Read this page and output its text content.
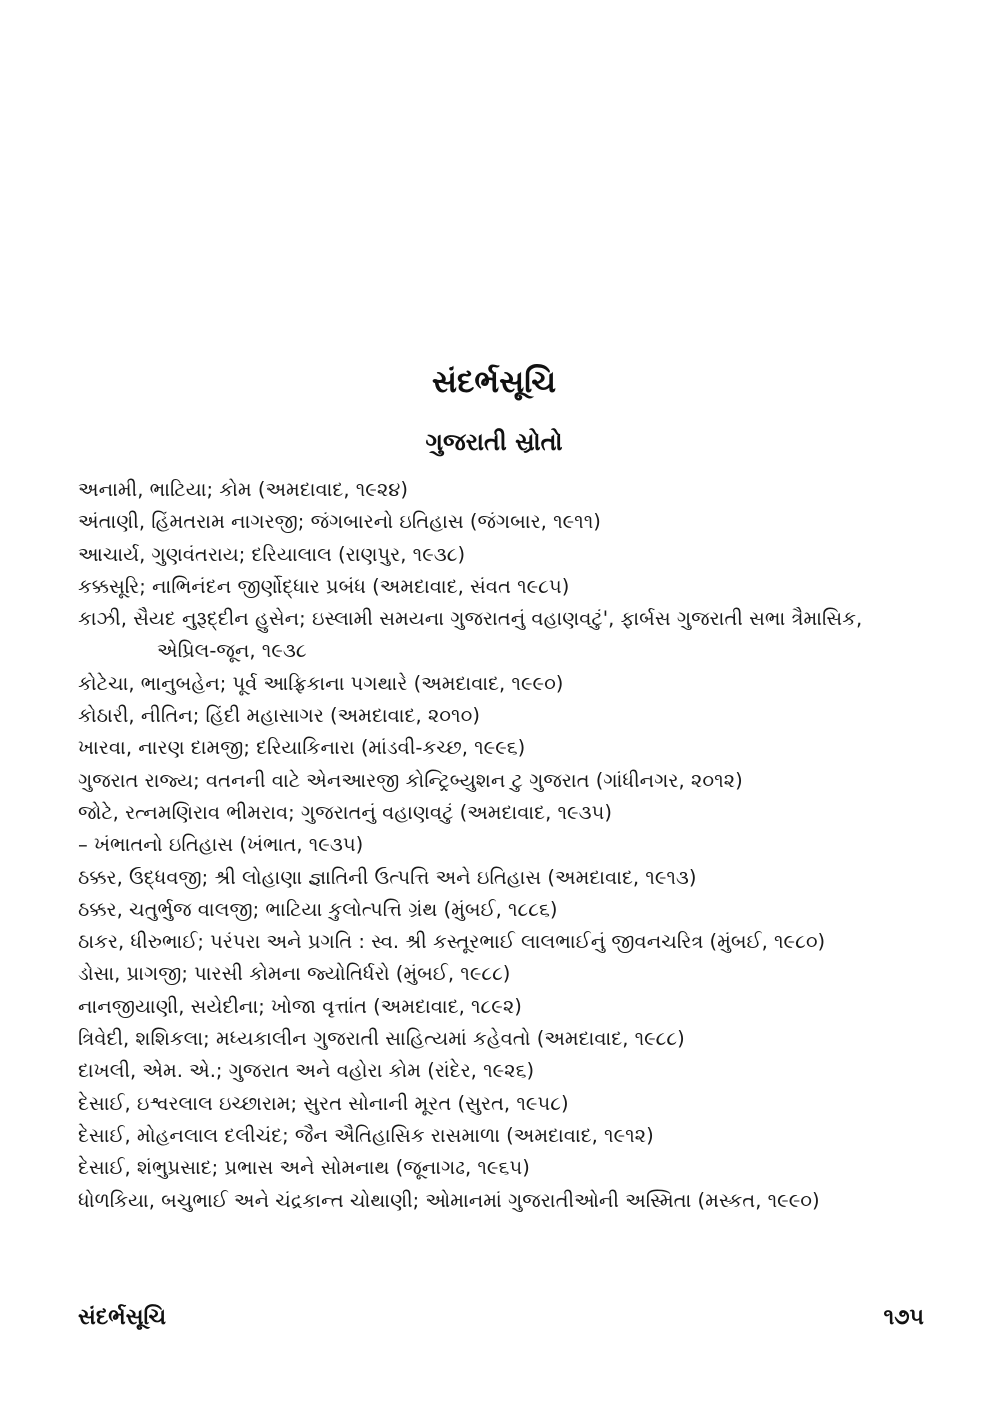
સંદર્ભસૂચિ
ગુજરાતી સ્રોતો
અનામી, ભાટિયા; કોમ (અમદાવાદ, ૧૯૨૪)
અંતાણી, હિંમતરામ નાગરજી; જંગબારનો ઇતિહાસ (જંગબાર, ૧૯૧૧)
આચાર્ય, ગુણવંતરાય; દરિયાલાલ (રાણપુર, ૧૯૩૮)
કક્કસૂરિ; નાભિનંદન જીર્ણોદ્ધાર પ્રબંધ (અમદાવાદ, સંવત ૧૯૮૫)
કાઝી, સૈયદ નુરૂદ્દીન હુસેન; ઇસ્લામી સમયના ગુજરાતનું વહાણવટું', ફાર્બસ ગુજરાતી સભા ત્રૈમાસિક,
એપ્રિલ-જૂન, ૧૯૩૮
કોટેચા, ભાનુબહેન; પૂર્વ આફ્રિકાના પગથારે (અમદાવાદ, ૧૯૯૦)
કોઠારી, નીતિન; હિંદી મહાસાગર (અમદાવાદ, ૨૦૧૦)
ખારવા, નારણ દામજી; દરિયાકિનારા (માંડવી-કચ્છ, ૧૯૯૬)
ગુજરાત રાજ્ય; વતનની વાટે એનઆરજી કોન્ટ્રિબ્યુશન ટુ ગુજરાત (ગાંધીનગર, ૨૦૧૨)
જોટે, રત્નમણિરાવ ભીમરાવ; ગુજરાતનું વહાણવટું (અમદાવાદ, ૧૯૩૫)
– ખંભાતનો ઇતિહાસ (ખંભાત, ૧૯૩૫)
ઠક્કર, ઉદ્ધવજી; શ્રી લોહાણા જ્ઞાતિની ઉત્પત્તિ અને ઇતિહાસ (અમદાવાદ, ૧૯૧૩)
ઠક્કર, ચતુર્ભુજ વાલજી; ભાટિયા કુલોત્પત્તિ ગ્રંથ (મુંબઈ, ૧૮૮૬)
ઠાકર, ધીરુભાઈ; પરંપરા અને પ્રગતિ : સ્વ. શ્રી કસ્તૂરભાઈ લાલભાઈનું જીવનચરિત્ર (મુંબઈ, ૧૯૮૦)
ડોસા, પ્રાગજી; પારસી કોમના જ્યોતિર્ધરો (મુંબઈ, ૧૯૮૮)
નાનજીયાણી, સયેદીના; ખોજા વૃત્તાંત (અમદાવાદ, ૧૮૯૨)
ત્રિવેદી, શશિકલા; મધ્યકાલીન ગુજરાતી સાહિત્યમાં કહેવતો (અમદાવાદ, ૧૯૮૮)
દાખલી, એમ. એ.; ગુજરાત અને વહોરા કોમ (રાંદેર, ૧૯૨૬)
દેસાઈ, ઇશ્વરલાલ ઇચ્છારામ; સુરત સોનાની મૂરત (સુરત, ૧૯૫૮)
દેસાઈ, મોહનલાલ દલીચંદ; જૈન ઐતિહાસિક રાસમાળા (અમદાવાદ, ૧૯૧૨)
દેસાઈ, શંભુપ્રસાદ; પ્રભાસ અને સોમનાથ (જૂનાગઢ, ૧૯૬૫)
ધોળકિયા, બચુભાઈ અને ચંદ્રકાન્ત ચોથાણી; ઓમાનમાં ગુજરાતીઓની અસ્મિતા (મસ્કત, ૧૯૯૦)
સંદર્ભસૂચિ	૧૭૫
